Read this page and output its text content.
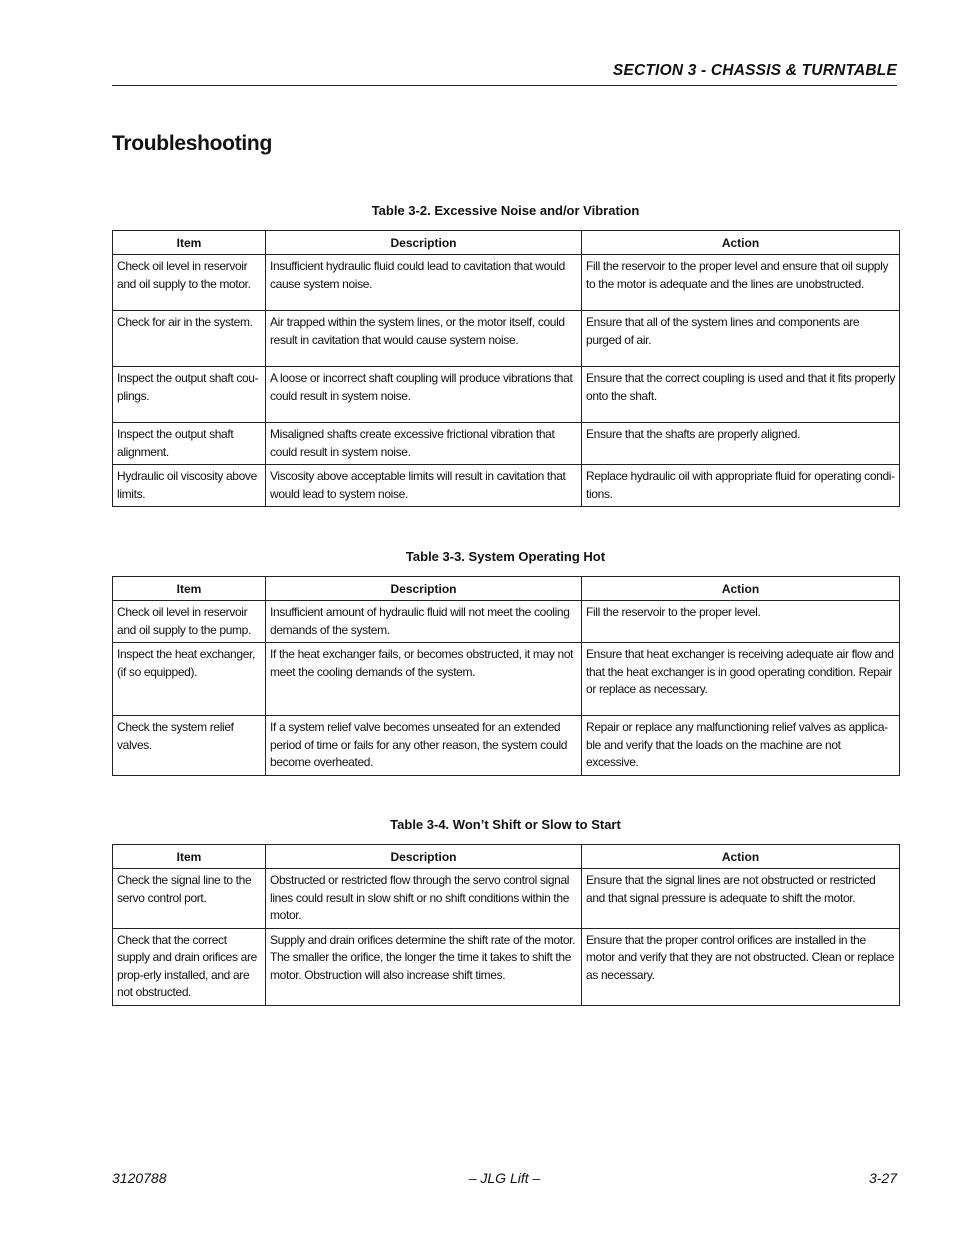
SECTION 3 - CHASSIS & TURNTABLE
Troubleshooting
Table 3-2. Excessive Noise and/or Vibration
Item	Description	Action
Check oil level in reservoir and oil supply to the motor.	Insufficient hydraulic fluid could lead to cavitation that would cause system noise.	Fill the reservoir to the proper level and ensure that oil supply to the motor is adequate and the lines are unobstructed.
Check for air in the system.	Air trapped within the system lines, or the motor itself, could result in cavitation that would cause system noise.	Ensure that all of the system lines and components are purged of air.
Inspect the output shaft cou-plings.	A loose or incorrect shaft coupling will produce vibrations that could result in system noise.	Ensure that the correct coupling is used and that it fits properly onto the shaft.
Inspect the output shaft alignment.	Misaligned shafts create excessive frictional vibration that could result in system noise.	Ensure that the shafts are properly aligned.
Hydraulic oil viscosity above limits.	Viscosity above acceptable limits will result in cavitation that would lead to system noise.	Replace hydraulic oil with appropriate fluid for operating condi-tions.
Table 3-3. System Operating Hot
Item	Description	Action
Check oil level in reservoir and oil supply to the pump.	Insufficient amount of hydraulic fluid will not meet the cooling demands of the system.	Fill the reservoir to the proper level.
Inspect the heat exchanger, (if so equipped).	If the heat exchanger fails, or becomes obstructed, it may not meet the cooling demands of the system.	Ensure that heat exchanger is receiving adequate air flow and that the heat exchanger is in good operating condition. Repair or replace as necessary.
Check the system relief valves.	If a system relief valve becomes unseated for an extended period of time or fails for any other reason, the system could become overheated.	Repair or replace any malfunctioning relief valves as applica-ble and verify that the loads on the machine are not excessive.
Table 3-4. Won’t Shift or Slow to Start
Item	Description	Action
Check the signal line to the servo control port.	Obstructed or restricted flow through the servo control signal lines could result in slow shift or no shift conditions within the motor.	Ensure that the signal lines are not obstructed or restricted and that signal pressure is adequate to shift the motor.
Check that the correct supply and drain orifices are prop-erly installed, and are not obstructed.	Supply and drain orifices determine the shift rate of the motor. The smaller the orifice, the longer the time it takes to shift the motor. Obstruction will also increase shift times.	Ensure that the proper control orifices are installed in the motor and verify that they are not obstructed. Clean or replace as necessary.
3120788	– JLG Lift –	3-27
